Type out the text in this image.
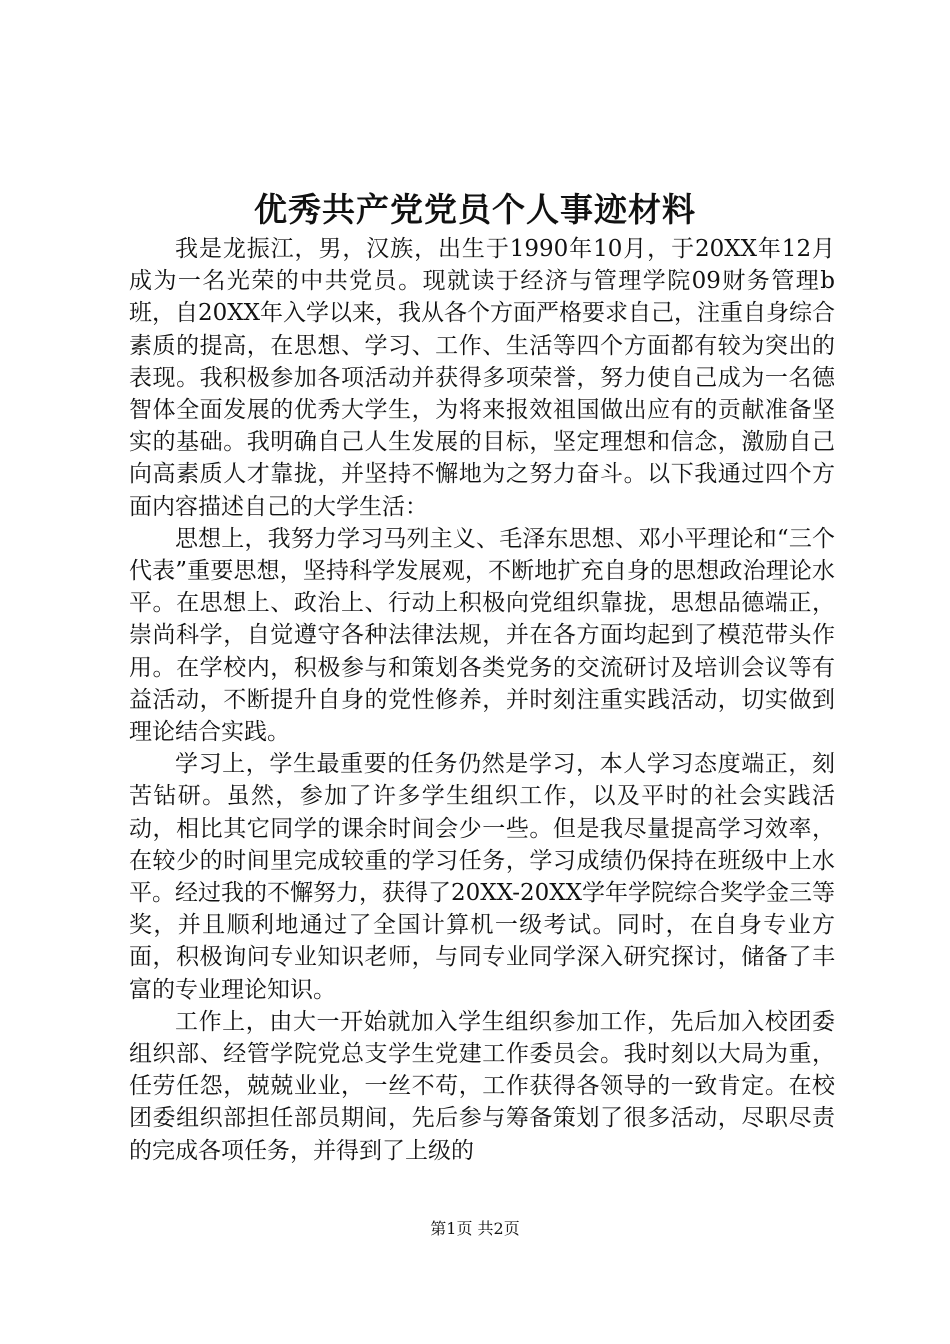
优秀共产党党员个人事迹材料

我是龙振江，男，汉族，出生于1990年10月，于20XX年12月成为一名光荣的中共党员。现就读于经济与管理学院09财务管理b班，自20XX年入学以来，我从各个方面严格要求自己，注重自身综合素质的提高，在思想、学习、工作、生活等四个方面都有较为突出的表现。我积极参加各项活动并获得多项荣誉，努力使自己成为一名德智体全面发展的优秀大学生，为将来报效祖国做出应有的贡献准备坚实的基础。我明确自己人生发展的目标，坚定理想和信念，激励自己向高素质人才靠拢，并坚持不懈地为之努力奋斗。以下我通过四个方面内容描述自己的大学生活：

思想上，我努力学习马列主义、毛泽东思想、邓小平理论和“三个代表”重要思想，坚持科学发展观，不断地扩充自身的思想政治理论水平。在思想上、政治上、行动上积极向党组织靠拢，思想品德端正，崇尚科学，自觉遵守各种法律法规，并在各方面均起到了模范带头作用。在学校内，积极参与和策划各类党务的交流研讨及培训会议等有益活动，不断提升自身的党性修养，并时刻注重实践活动，切实做到理论结合实践。

学习上，学生最重要的任务仍然是学习，本人学习态度端正，刻苦钻研。虽然，参加了许多学生组织工作，以及平时的社会实践活动，相比其它同学的课余时间会少一些。但是我尽量提高学习效率，在较少的时间里完成较重的学习任务，学习成绩仍保持在班级中上水平。经过我的不懈努力，获得了20XX-20XX学年学院综合奖学金三等奖，并且顺利地通过了全国计算机一级考试。同时，在自身专业方面，积极询问专业知识老师，与同专业同学深入研究探讨，储备了丰富的专业理论知识。

工作上，由大一开始就加入学生组织参加工作，先后加入校团委组织部、经管学院党总支学生党建工作委员会。我时刻以大局为重，任劳任怨，兢兢业业，一丝不苟，工作获得各领导的一致肯定。在校团委组织部担任部员期间，先后参与筹备策划了很多活动，尽职尽责的完成各项任务，并得到了上级的

第1页 共2页
